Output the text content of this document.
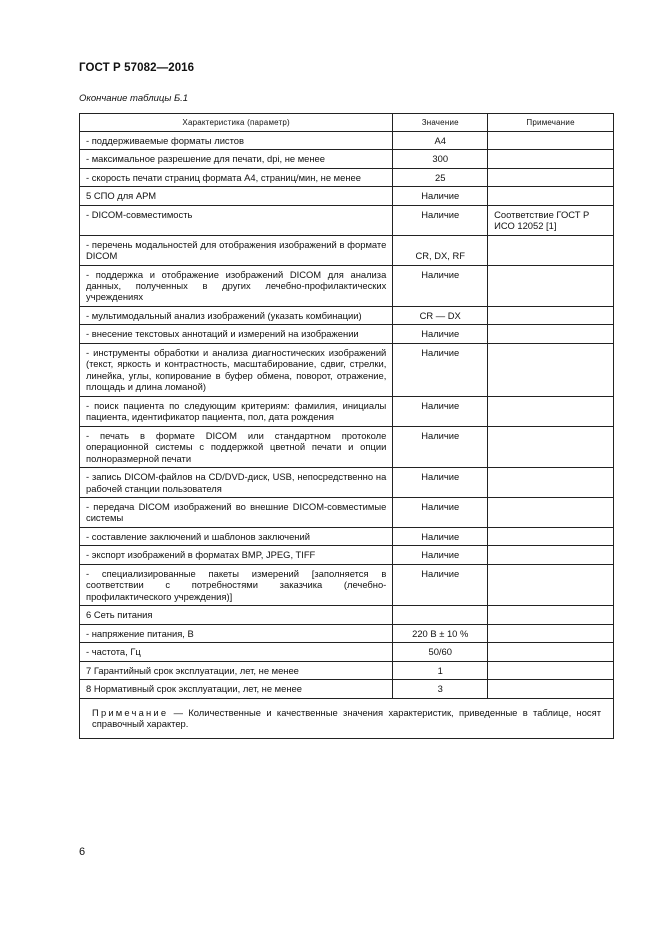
ГОСТ Р 57082—2016
Окончание таблицы Б.1
Характеристика (параметр)	Значение	Примечание
- поддерживаемые форматы листов	А4	
- максимальное разрешение для печати, dpi, не менее	300	
- скорость печати страниц формата А4, страниц/мин, не менее	25	
5 СПО для АРМ	Наличие	
- DICOM-совместимость	Наличие	Соответствие ГОСТ Р ИСО 12052 [1]
- перечень модальностей для отображения изображений в формате DICOM	CR, DX, RF	
- поддержка и отображение изображений DICOM для анализа данных, полученных в других лечебно-профилактических учреждениях	Наличие	
- мультимодальный анализ изображений (указать комбинации)	CR — DX	
- внесение текстовых аннотаций и измерений на изображении	Наличие	
- инструменты обработки и анализа диагностических изображений (текст, яркость и контрастность, масштабирование, сдвиг, стрелки, линейка, углы, копирование в буфер обмена, поворот, отражение, площадь и длина ломаной)	Наличие	
- поиск пациента по следующим критериям: фамилия, инициалы пациента, идентификатор пациента, пол, дата рождения	Наличие	
- печать в формате DICOM или стандартном протоколе операционной системы с поддержкой цветной печати и опции полноразмерной печати	Наличие	
- запись DICOM-файлов на CD/DVD-диск, USB, непосредственно на рабочей станции пользователя	Наличие	
- передача DICOM изображений во внешние DICOM-совместимые системы	Наличие	
- составление заключений и шаблонов заключений	Наличие	
- экспорт изображений в форматах BMP, JPEG, TIFF	Наличие	
- специализированные пакеты измерений [заполняется в соответствии с потребностями заказчика (лечебно-профилактического учреждения)]	Наличие	
6 Сеть питания		
- напряжение питания, В	220 В ± 10 %	
- частота, Гц	50/60	
7 Гарантийный срок эксплуатации, лет, не менее	1	
8 Нормативный срок эксплуатации, лет, не менее	3	
Примечание — Количественные и качественные значения характеристик, приведенные в таблице, носят справочный характер.		
6
